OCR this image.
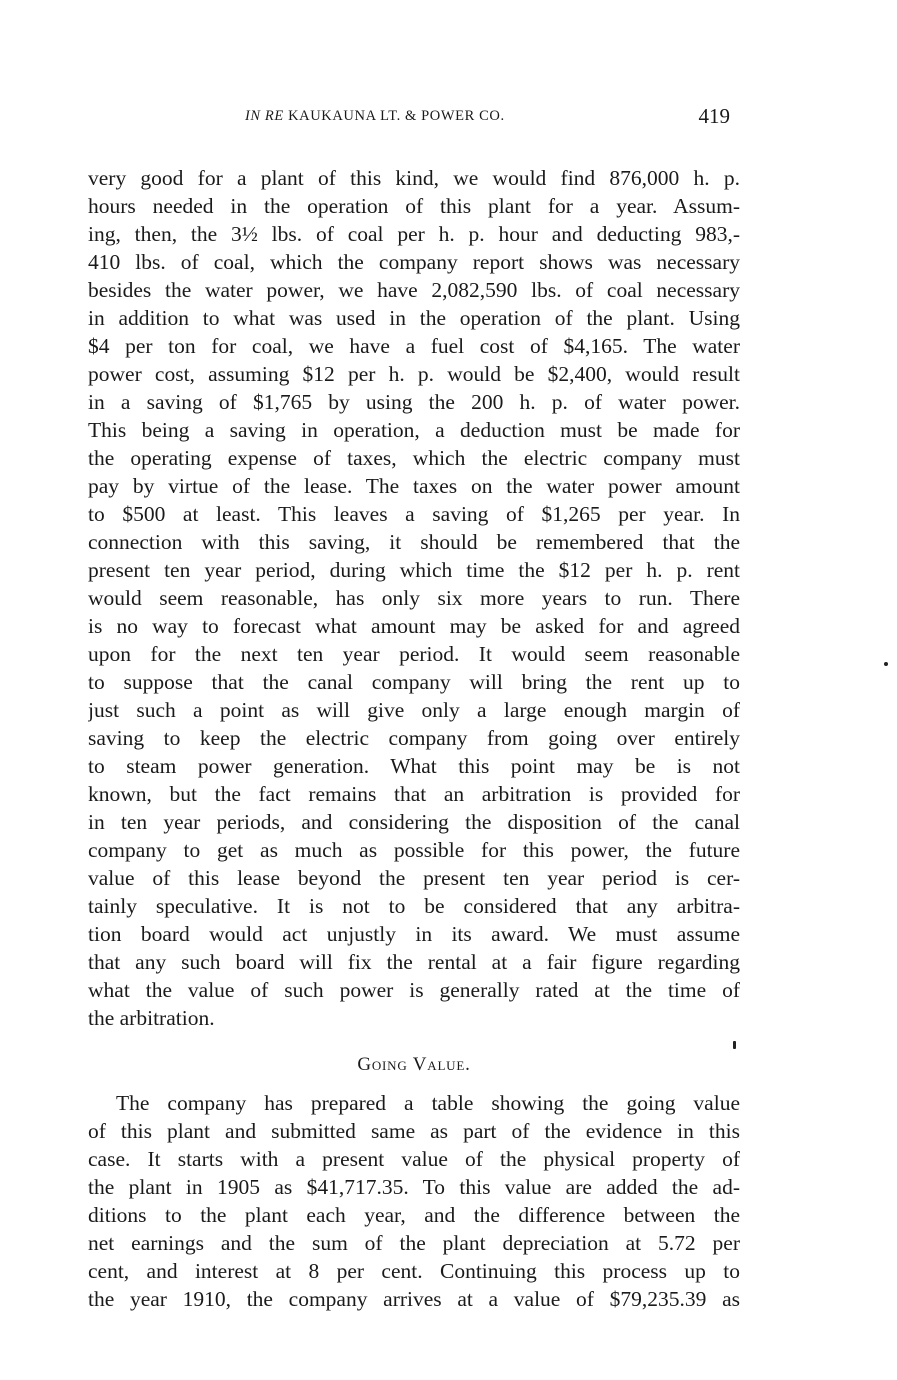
IN RE KAUKAUNA LT. & POWER CO.	419
very good for a plant of this kind, we would find 876,000 h. p.
hours needed in the operation of this plant for a year. Assum-
ing, then, the 3½ lbs. of coal per h. p. hour and deducting 983,-
410 lbs. of coal, which the company report shows was necessary
besides the water power, we have 2,082,590 lbs. of coal necessary
in addition to what was used in the operation of the plant. Using
$4 per ton for coal, we have a fuel cost of $4,165. The water
power cost, assuming $12 per h. p. would be $2,400, would result
in a saving of $1,765 by using the 200 h. p. of water power.
This being a saving in operation, a deduction must be made for
the operating expense of taxes, which the electric company must
pay by virtue of the lease. The taxes on the water power amount
to $500 at least. This leaves a saving of $1,265 per year. In
connection with this saving, it should be remembered that the
present ten year period, during which time the $12 per h. p. rent
would seem reasonable, has only six more years to run. There
is no way to forecast what amount may be asked for and agreed
upon for the next ten year period. It would seem reasonable
to suppose that the canal company will bring the rent up to
just such a point as will give only a large enough margin of
saving to keep the electric company from going over entirely
to steam power generation. What this point may be is not
known, but the fact remains that an arbitration is provided for
in ten year periods, and considering the disposition of the canal
company to get as much as possible for this power, the future
value of this lease beyond the present ten year period is cer-
tainly speculative. It is not to be considered that any arbitra-
tion board would act unjustly in its award. We must assume
that any such board will fix the rental at a fair figure regarding
what the value of such power is generally rated at the time of
the arbitration.
Going Value.
The company has prepared a table showing the going value
of this plant and submitted same as part of the evidence in this
case. It starts with a present value of the physical property of
the plant in 1905 as $41,717.35. To this value are added the ad-
ditions to the plant each year, and the difference between the
net earnings and the sum of the plant depreciation at 5.72 per
cent, and interest at 8 per cent. Continuing this process up to
the year 1910, the company arrives at a value of $79,235.39 as
